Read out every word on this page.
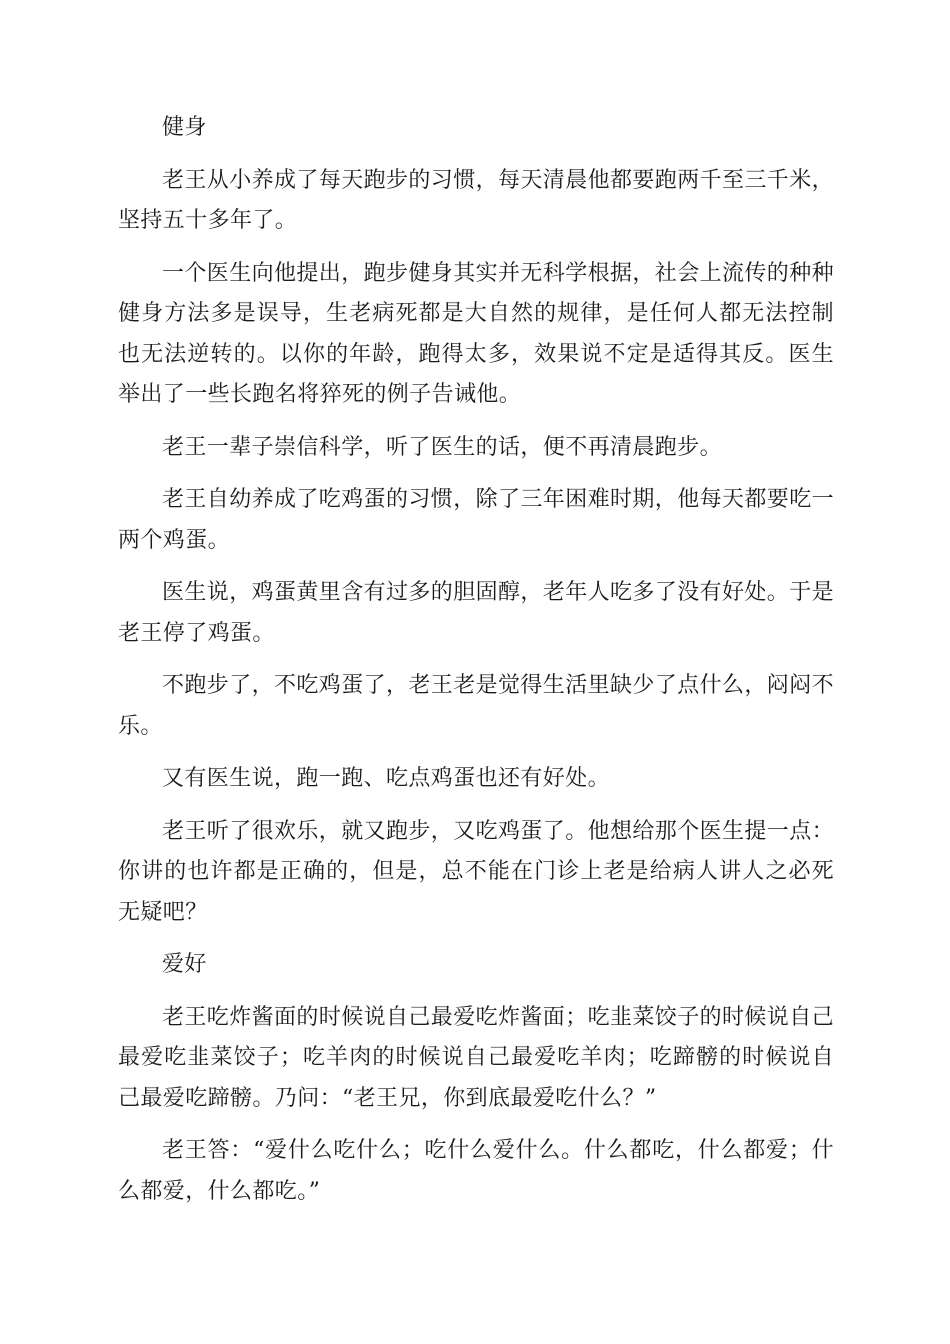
健身

老王从小养成了每天跑步的习惯，每天清晨他都要跑两千至三千米，坚持五十多年了。

一个医生向他提出，跑步健身其实并无科学根据，社会上流传的种种健身方法多是误导，生老病死都是大自然的规律，是任何人都无法控制也无法逆转的。以你的年龄，跑得太多，效果说不定是适得其反。医生举出了一些长跑名将猝死的例子告诫他。

老王一辈子崇信科学，听了医生的话，便不再清晨跑步。

老王自幼养成了吃鸡蛋的习惯，除了三年困难时期，他每天都要吃一两个鸡蛋。

医生说，鸡蛋黄里含有过多的胆固醇，老年人吃多了没有好处。于是老王停了鸡蛋。

不跑步了，不吃鸡蛋了，老王老是觉得生活里缺少了点什么，闷闷不乐。

又有医生说，跑一跑、吃点鸡蛋也还有好处。

老王听了很欢乐，就又跑步，又吃鸡蛋了。他想给那个医生提一点：你讲的也许都是正确的，但是，总不能在门诊上老是给病人讲人之必死无疑吧？

爱好

老王吃炸酱面的时候说自己最爱吃炸酱面；吃韭菜饺子的时候说自己最爱吃韭菜饺子；吃羊肉的时候说自己最爱吃羊肉；吃蹄髈的时候说自己最爱吃蹄髈。乃问：“老王兄，你到底最爱吃什么？”

老王答：“爱什么吃什么；吃什么爱什么。什么都吃，什么都爱；什么都爱，什么都吃。”
